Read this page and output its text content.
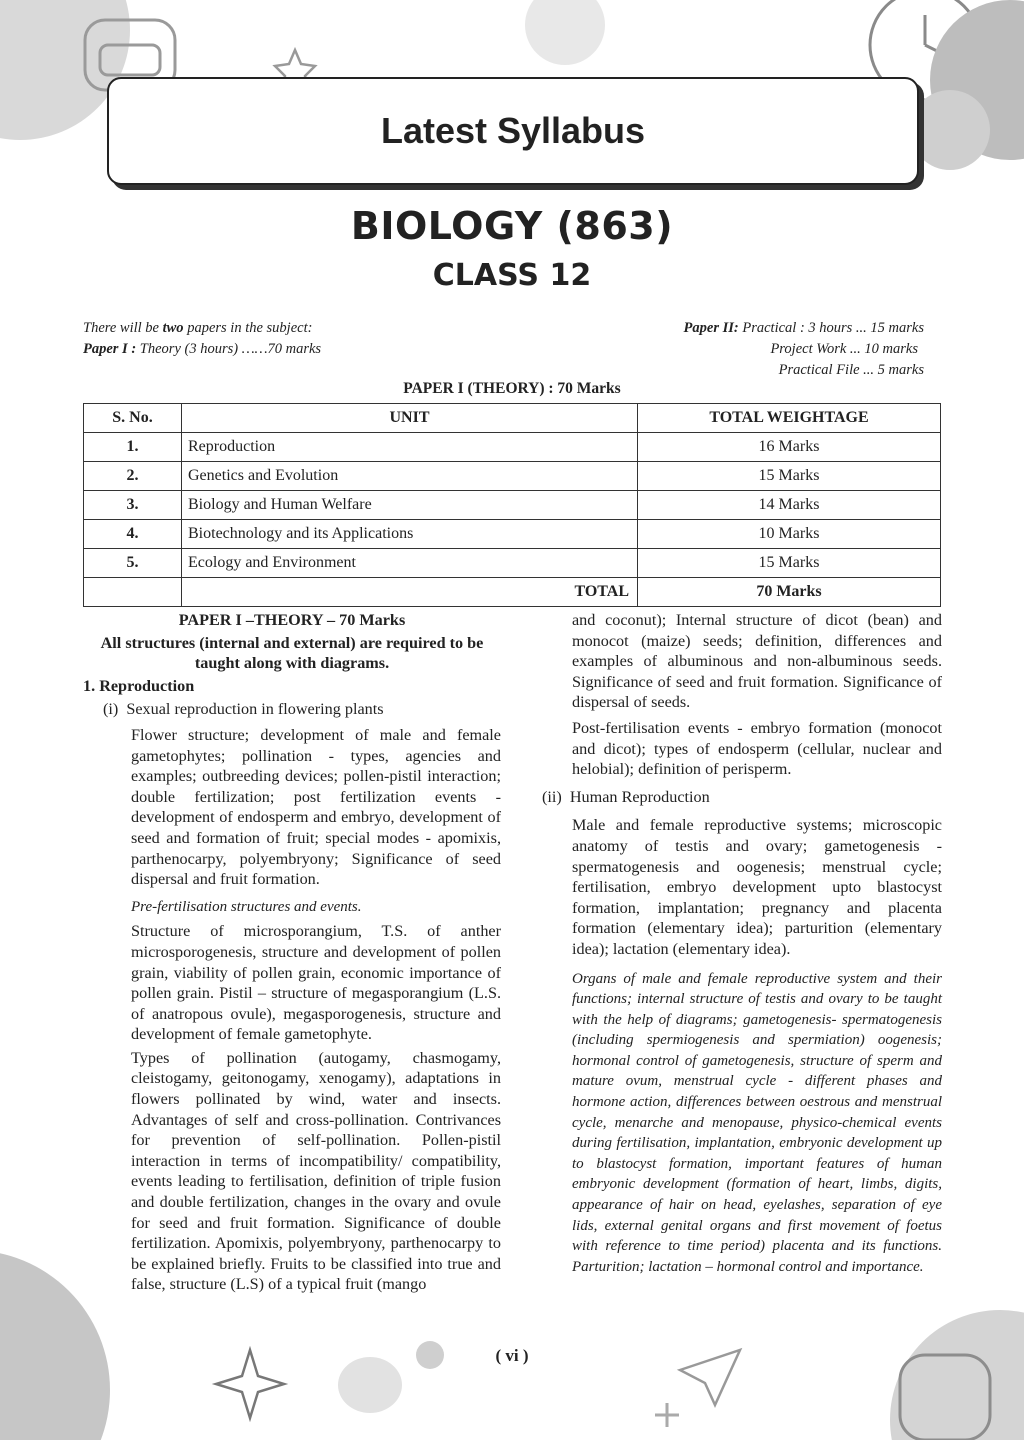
Latest Syllabus
BIOLOGY (863)
CLASS 12
There will be two papers in the subject:
Paper I : Theory (3 hours) ……70 marks
Paper II: Practical : 3 hours ... 15 marks
Project Work ... 10 marks
Practical File ... 5 marks
PAPER I (THEORY) : 70 Marks
S. No.	UNIT	TOTAL WEIGHTAGE
1.	Reproduction	16 Marks
2.	Genetics and Evolution	15 Marks
3.	Biology and Human Welfare	14 Marks
4.	Biotechnology and its Applications	10 Marks
5.	Ecology and Environment	15 Marks
	TOTAL	70 Marks

PAPER I –THEORY – 70 Marks

All structures (internal and external) are required to be taught along with diagrams.

1. Reproduction

(i)  Sexual reproduction in flowering plants

Flower structure; development of male and female gametophytes; pollination - types, agencies and examples; outbreeding devices; pollen-pistil interaction; double fertilization; post fertilization events - development of endosperm and embryo, development of seed and formation of fruit; special modes - apomixis, parthenocarpy, polyembryony; Significance of seed dispersal and fruit formation.

Pre-fertilisation structures and events.

Structure of microsporangium, T.S. of anther microsporogenesis, structure and development of pollen grain, viability of pollen grain, economic importance of pollen grain. Pistil – structure of megasporangium (L.S. of anatropous ovule), megasporogenesis, structure and development of female gametophyte.

Types of pollination (autogamy, chasmogamy, cleistogamy, geitonogamy, xenogamy), adaptations in flowers pollinated by wind, water and insects. Advantages of self and cross-pollination. Contrivances for prevention of self-pollination. Pollen-pistil interaction in terms of incompatibility/ compatibility, events leading to fertilisation, definition of triple fusion and double fertilization, changes in the ovary and ovule for seed and fruit formation. Significance of double fertilization. Apomixis, polyembryony, parthenocarpy to be explained briefly. Fruits to be classified into true and false, structure (L.S) of a typical fruit (mango

and coconut); Internal structure of dicot (bean) and monocot (maize) seeds; definition, differences and examples of albuminous and non-albuminous seeds. Significance of seed and fruit formation. Significance of dispersal of seeds.

Post-fertilisation events - embryo formation (monocot and dicot); types of endosperm (cellular, nuclear and helobial); definition of perisperm.

(ii)  Human Reproduction

Male and female reproductive systems; microscopic anatomy of testis and ovary; gametogenesis - spermatogenesis and oogenesis; menstrual cycle; fertilisation, embryo development upto blastocyst formation, implantation; pregnancy and placenta formation (elementary idea); parturition (elementary idea); lactation (elementary idea).

Organs of male and female reproductive system and their functions; internal structure of testis and ovary to be taught with the help of diagrams; gametogenesis- spermatogenesis (including spermiogenesis and spermiation) oogenesis; hormonal control of gametogenesis, structure of sperm and mature ovum, menstrual cycle - different phases and hormone action, differences between oestrous and menstrual cycle, menarche and menopause, physico-chemical events during fertilisation, implantation, embryonic development up to blastocyst formation, important features of human embryonic development (formation of heart, limbs, digits, appearance of hair on head, eyelashes, separation of eye lids, external genital organs and first movement of foetus with reference to time period) placenta and its functions. Parturition; lactation – hormonal control and importance.

( vi )
